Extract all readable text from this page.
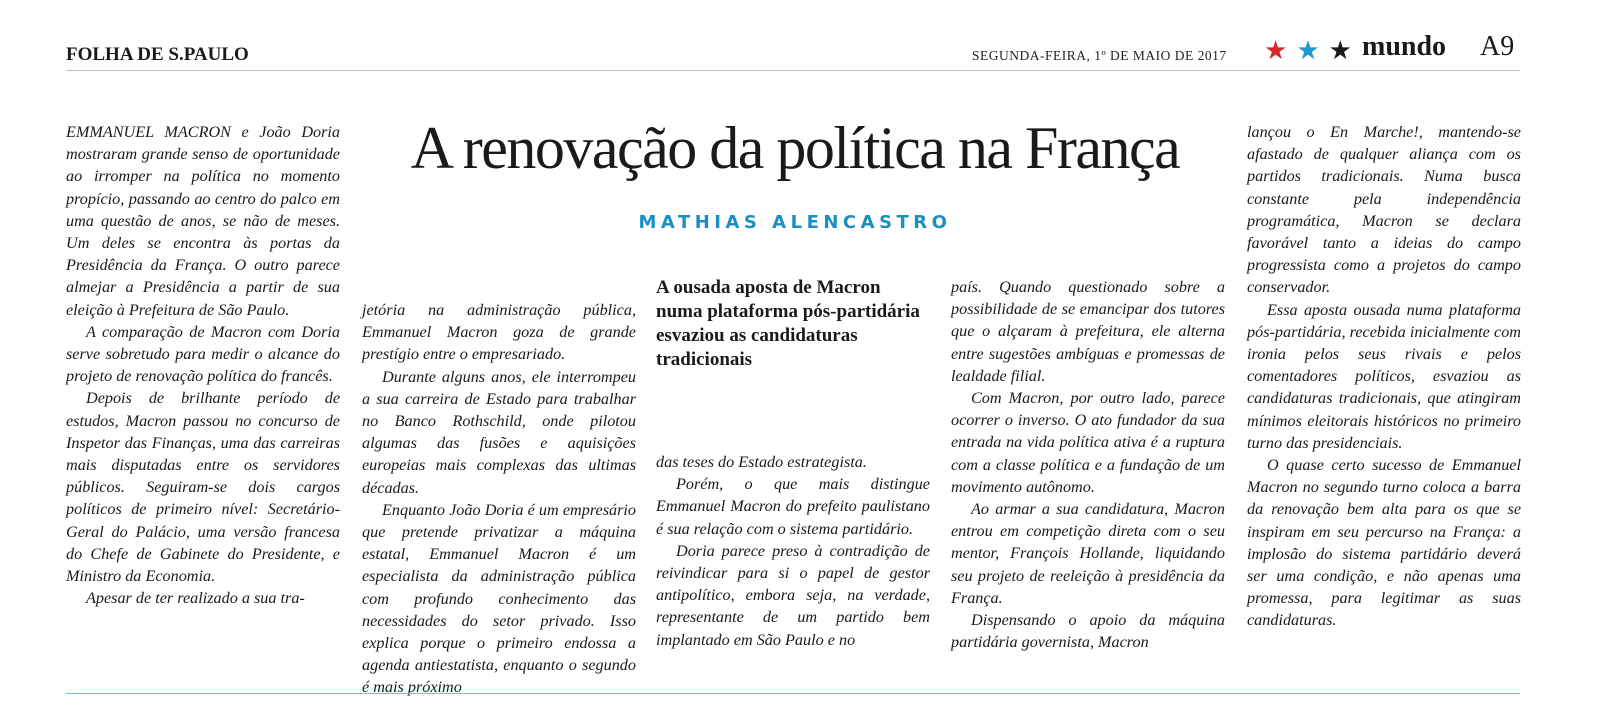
FOLHA DE S.PAULO	SEGUNDA-FEIRA, 1º DE MAIO DE 2017 ★ ★ ★ mundo A9
A renovação da política na França
MATHIAS ALENCASTRO

EMMANUEL MACRON e João Doria mostraram grande senso de oportunidade ao irromper na política no momento propício, passando ao centro do palco em uma questão de anos, se não de meses. Um deles se encontra às portas da Presidência da França. O outro parece almejar a Presidência a partir de sua eleição à Prefeitura de São Paulo.

A comparação de Macron com Doria serve sobretudo para medir o alcance do projeto de renovação política do francês.

Depois de brilhante período de estudos, Macron passou no concurso de Inspetor das Finanças, uma das carreiras mais disputadas entre os servidores públicos. Seguiram-se dois cargos políticos de primeiro nível: Secretário-Geral do Palácio, uma versão francesa do Chefe de Gabinete do Presidente, e Ministro da Economia.

Apesar de ter realizado a sua tra-

jetória na administração pública, Emmanuel Macron goza de grande prestígio entre o empresariado.

Durante alguns anos, ele interrompeu a sua carreira de Estado para trabalhar no Banco Rothschild, onde pilotou algumas das fusões e aquisições europeias mais complexas das ultimas décadas.

Enquanto João Doria é um empresário que pretende privatizar a máquina estatal, Emmanuel Macron é um especialista da administração pública com profundo conhecimento das necessidades do setor privado. Isso explica porque o primeiro endossa a agenda antiestatista, enquanto o segundo é mais próximo

A ousada aposta de Macron numa plataforma pós-partidária esvaziou as candidaturas tradicionais

das teses do Estado estrategista.

Porém, o que mais distingue Emmanuel Macron do prefeito paulistano é sua relação com o sistema partidário.

Doria parece preso à contradição de reivindicar para si o papel de gestor antipolítico, embora seja, na verdade, representante de um partido bem implantado em São Paulo e no

país. Quando questionado sobre a possibilidade de se emancipar dos tutores que o alçaram à prefeitura, ele alterna entre sugestões ambíguas e promessas de lealdade filial.

Com Macron, por outro lado, parece ocorrer o inverso. O ato fundador da sua entrada na vida política ativa é a ruptura com a classe política e a fundação de um movimento autônomo.

Ao armar a sua candidatura, Macron entrou em competição direta com o seu mentor, François Hollande, liquidando seu projeto de reeleição à presidência da França.

Dispensando o apoio da máquina partidária governista, Macron

lançou o En Marche!, mantendo-se afastado de qualquer aliança com os partidos tradicionais. Numa busca constante pela independência programática, Macron se declara favorável tanto a ideias do campo progressista como a projetos do campo conservador.

Essa aposta ousada numa plataforma pós-partidária, recebida inicialmente com ironia pelos seus rivais e pelos comentadores políticos, esvaziou as candidaturas tradicionais, que atingiram mínimos eleitorais históricos no primeiro turno das presidenciais.

O quase certo sucesso de Emmanuel Macron no segundo turno coloca a barra da renovação bem alta para os que se inspiram em seu percurso na França: a implosão do sistema partidário deverá ser uma condição, e não apenas uma promessa, para legitimar as suas candidaturas.
